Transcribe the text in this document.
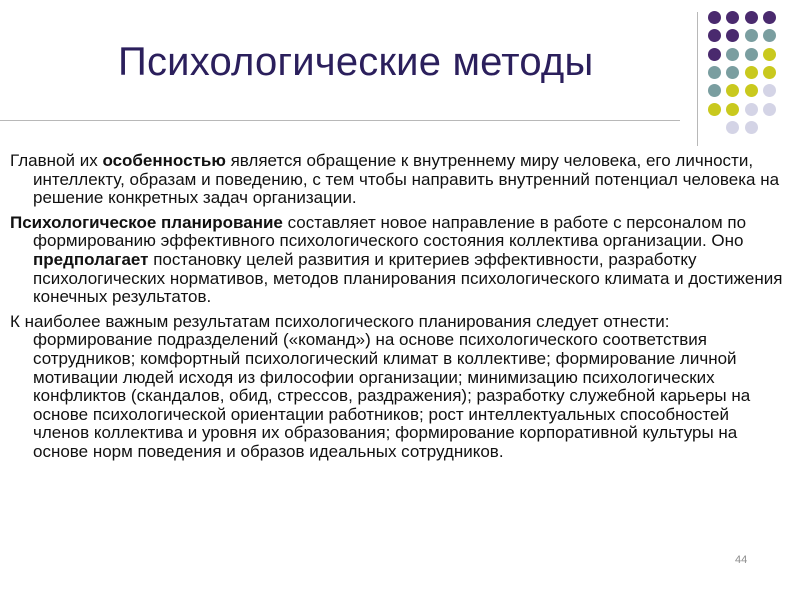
Психологические методы

Главной их особенностью является обращение к внутреннему миру человека, его личности, интеллекту, образам и поведению, с тем чтобы направить внутренний потенциал человека на решение конкретных задач организации.

Психологическое планирование составляет новое направление в работе с персоналом по формированию эффективного психологического состояния коллектива организации. Оно предполагает постановку целей развития и критериев эффективности, разработку психологических нормативов, методов планирования психологического климата и достижения конечных результатов.

К наиболее важным результатам психологического планирования следует отнести: формирование подразделений («команд») на основе психологического соответствия сотрудников; комфортный психологический климат в коллективе; формирование личной мотивации людей исходя из философии организации; минимизацию психологических конфликтов (скандалов, обид, стрессов, раздражения); разработку служебной карьеры на основе психологической ориентации работников; рост интеллектуальных способностей членов коллектива и уровня их образования; формирование корпоративной культуры на основе норм поведения и образов идеальных сотрудников.

44
